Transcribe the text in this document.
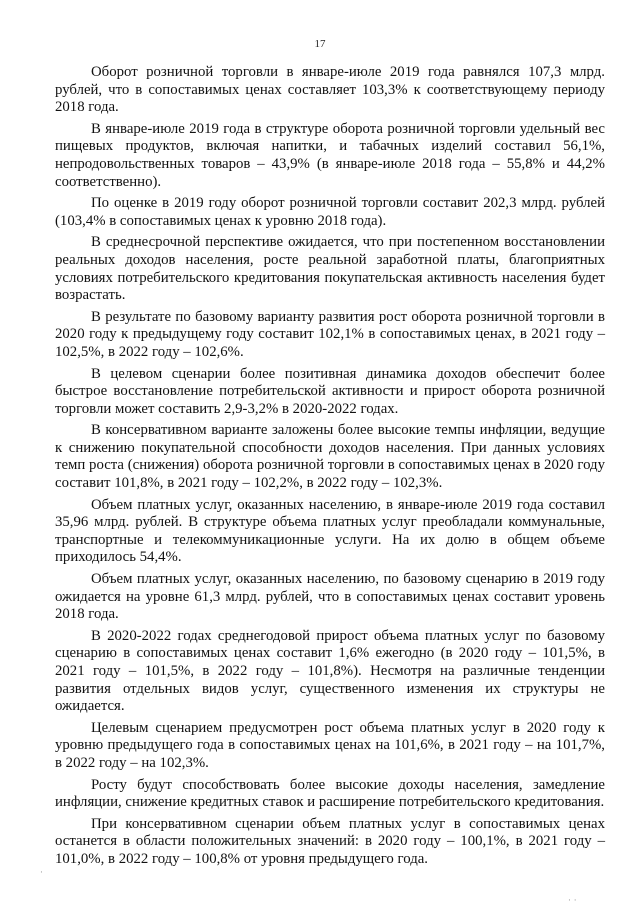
17

Оборот розничной торговли в январе-июле 2019 года равнялся 107,3 млрд. рублей, что в сопоставимых ценах составляет 103,3% к соответствующему периоду 2018 года.

В январе-июле 2019 года в структуре оборота розничной торговли удельный вес пищевых продуктов, включая напитки, и табачных изделий составил 56,1%, непродовольственных товаров – 43,9% (в январе-июле 2018 года – 55,8% и 44,2% соответственно).

По оценке в 2019 году оборот розничной торговли составит 202,3 млрд. рублей (103,4% в сопоставимых ценах к уровню 2018 года).

В среднесрочной перспективе ожидается, что при постепенном восстановлении реальных доходов населения, росте реальной заработной платы, благоприятных условиях потребительского кредитования покупательская активность населения будет возрастать.

В результате по базовому варианту развития рост оборота розничной торговли в 2020 году к предыдущему году составит 102,1% в сопоставимых ценах, в 2021 году – 102,5%, в 2022 году – 102,6%.

В целевом сценарии более позитивная динамика доходов обеспечит более быстрое восстановление потребительской активности и прирост оборота розничной торговли может составить 2,9-3,2% в 2020-2022 годах.

В консервативном варианте заложены более высокие темпы инфляции, ведущие к снижению покупательной способности доходов населения. При данных условиях темп роста (снижения) оборота розничной торговли в сопоставимых ценах в 2020 году составит 101,8%, в 2021 году – 102,2%, в 2022 году – 102,3%.

Объем платных услуг, оказанных населению, в январе-июле 2019 года составил 35,96 млрд. рублей. В структуре объема платных услуг преобладали коммунальные, транспортные и телекоммуникационные услуги. На их долю в общем объеме приходилось 54,4%.

Объем платных услуг, оказанных населению, по базовому сценарию в 2019 году ожидается на уровне 61,3 млрд. рублей, что в сопоставимых ценах составит уровень 2018 года.

В 2020-2022 годах среднегодовой прирост объема платных услуг по базовому сценарию в сопоставимых ценах составит 1,6% ежегодно (в 2020 году – 101,5%, в 2021 году – 101,5%, в 2022 году – 101,8%). Несмотря на различные тенденции развития отдельных видов услуг, существенного изменения их структуры не ожидается.

Целевым сценарием предусмотрен рост объема платных услуг в 2020 году к уровню предыдущего года в сопоставимых ценах на 101,6%, в 2021 году – на 101,7%, в 2022 году – на 102,3%.

Росту будут способствовать более высокие доходы населения, замедление инфляции, снижение кредитных ставок и расширение потребительского кредитования.

При консервативном сценарии объем платных услуг в сопоставимых ценах останется в области положительных значений: в 2020 году – 100,1%, в 2021 году – 101,0%, в 2022 году – 100,8% от уровня предыдущего года.

·
· ·
